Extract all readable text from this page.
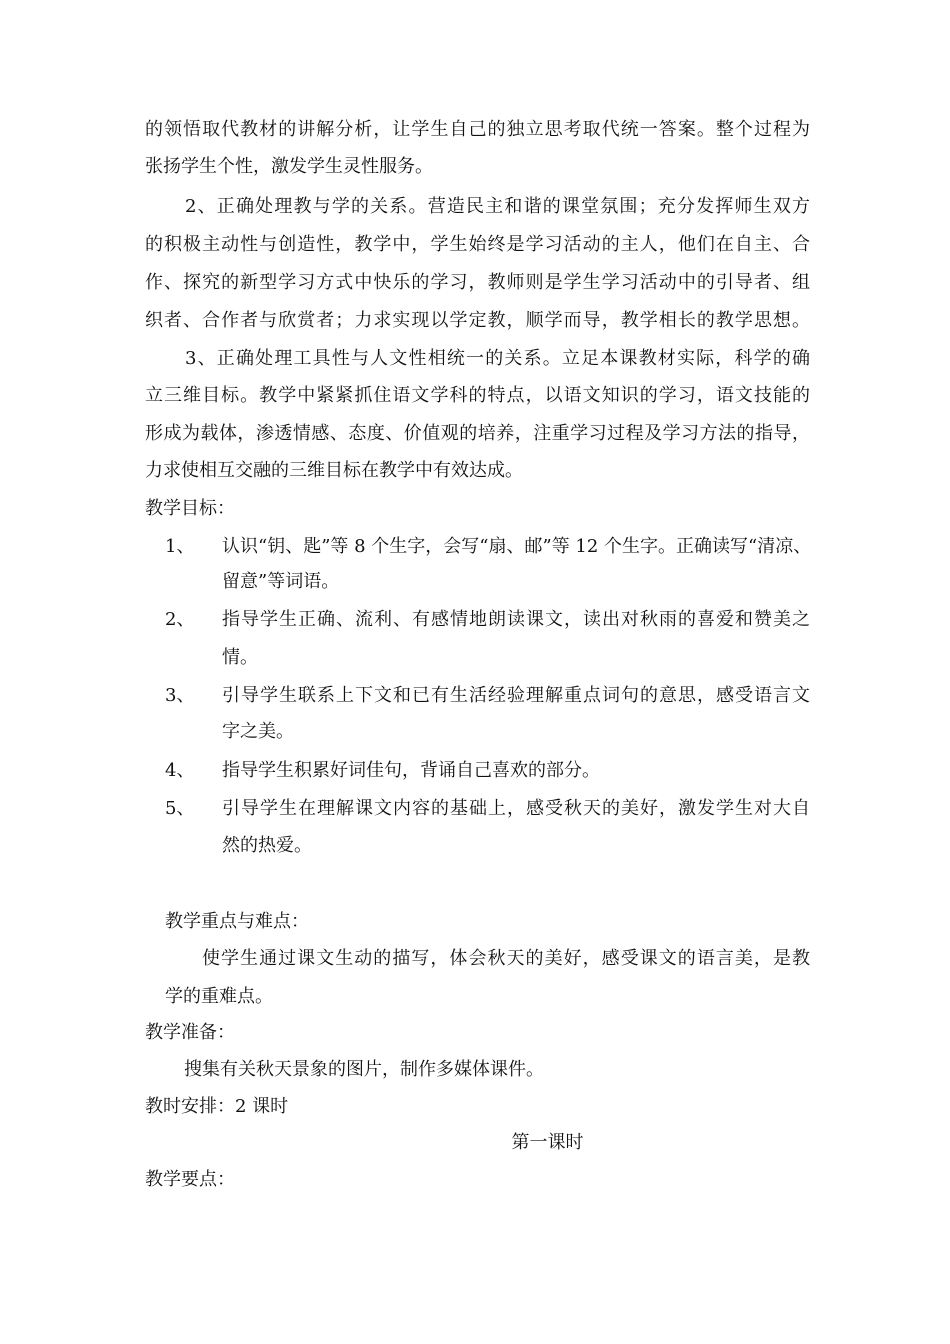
的领悟取代教材的讲解分析，让学生自己的独立思考取代统一答案。整个过程为
张扬学生个性，激发学生灵性服务。
2、正确处理教与学的关系。营造民主和谐的课堂氛围；充分发挥师生双方
的积极主动性与创造性，教学中，学生始终是学习活动的主人，他们在自主、合
作、探究的新型学习方式中快乐的学习，教师则是学生学习活动中的引导者、组
织者、合作者与欣赏者；力求实现以学定教，顺学而导，教学相长的教学思想。
3、正确处理工具性与人文性相统一的关系。立足本课教材实际，科学的确
立三维目标。教学中紧紧抓住语文学科的特点，以语文知识的学习，语文技能的
形成为载体，渗透情感、态度、价值观的培养，注重学习过程及学习方法的指导，
力求使相互交融的三维目标在教学中有效达成。
教学目标：
1、 认识“钥、匙”等 8 个生字，会写“扇、邮”等 12 个生字。正确读写“清凉、
留意”等词语。
2、 指导学生正确、流利、有感情地朗读课文，读出对秋雨的喜爱和赞美之
情。
3、 引导学生联系上下文和已有生活经验理解重点词句的意思，感受语言文
字之美。
4、 指导学生积累好词佳句，背诵自己喜欢的部分。
5、 引导学生在理解课文内容的基础上，感受秋天的美好，激发学生对大自
然的热爱。
教学重点与难点：
使学生通过课文生动的描写，体会秋天的美好，感受课文的语言美，是教
学的重难点。
教学准备：
搜集有关秋天景象的图片，制作多媒体课件。
教时安排：2 课时
第一课时
教学要点：
